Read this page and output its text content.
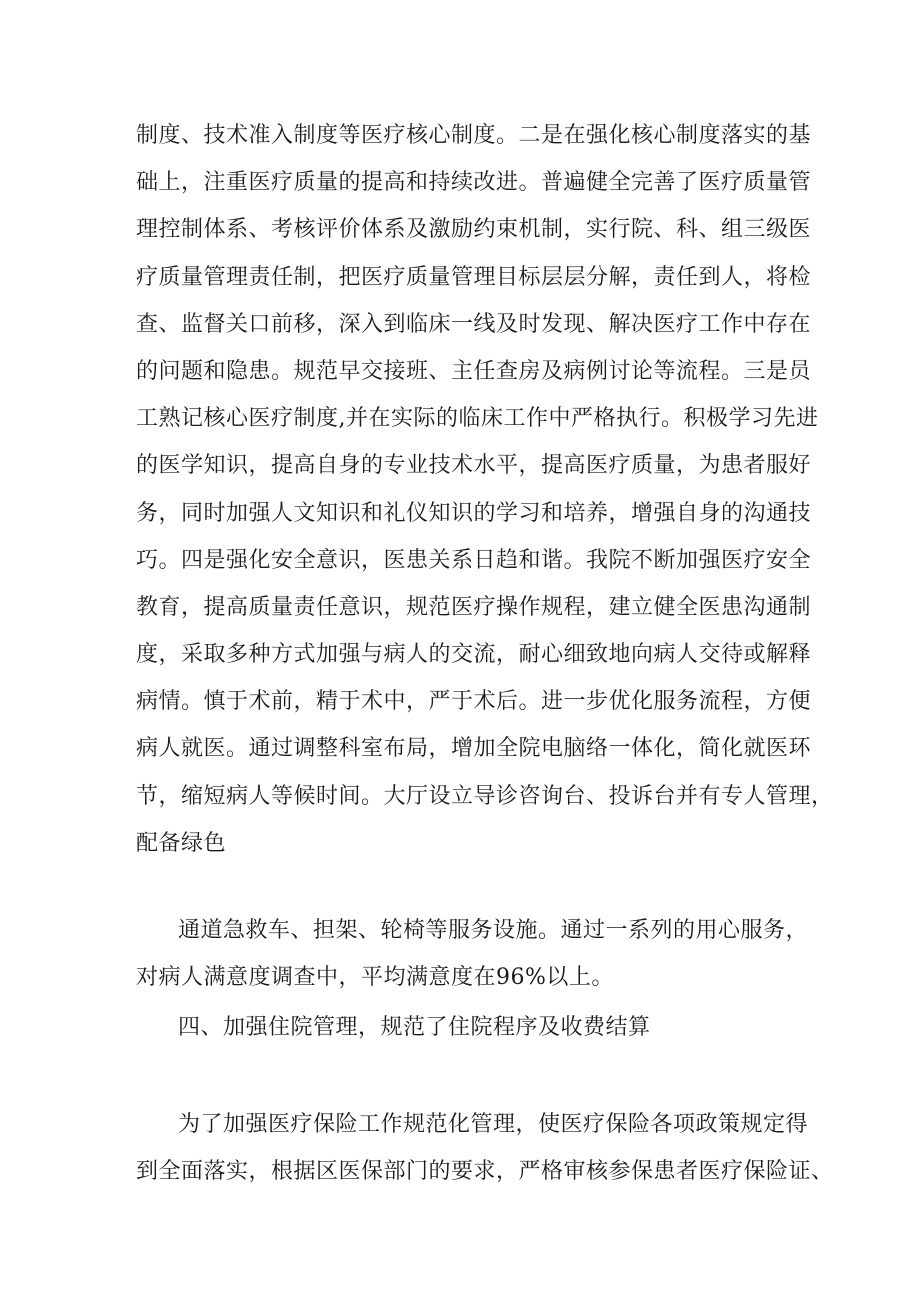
制度、技术准入制度等医疗核心制度。二是在强化核心制度落实的基
础上，注重医疗质量的提高和持续改进。普遍健全完善了医疗质量管
理控制体系、考核评价体系及激励约束机制，实行院、科、组三级医
疗质量管理责任制，把医疗质量管理目标层层分解，责任到人，将检
查、监督关口前移，深入到临床一线及时发现、解决医疗工作中存在
的问题和隐患。规范早交接班、主任查房及病例讨论等流程。三是员
工熟记核心医疗制度,并在实际的临床工作中严格执行。积极学习先进
的医学知识，提高自身的专业技术水平，提高医疗质量，为患者服好
务，同时加强人文知识和礼仪知识的学习和培养，增强自身的沟通技
巧。四是强化安全意识，医患关系日趋和谐。我院不断加强医疗安全
教育，提高质量责任意识，规范医疗操作规程，建立健全医患沟通制
度，采取多种方式加强与病人的交流，耐心细致地向病人交待或解释
病情。慎于术前，精于术中，严于术后。进一步优化服务流程，方便
病人就医。通过调整科室布局，增加全院电脑络一体化，简化就医环
节，缩短病人等候时间。大厅设立导诊咨询台、投诉台并有专人管理，
配备绿色
通道急救车、担架、轮椅等服务设施。通过一系列的用心服务，
对病人满意度调查中，平均满意度在96%以上。
四、加强住院管理，规范了住院程序及收费结算
为了加强医疗保险工作规范化管理，使医疗保险各项政策规定得
到全面落实，根据区医保部门的要求，严格审核参保患者医疗保险证、
